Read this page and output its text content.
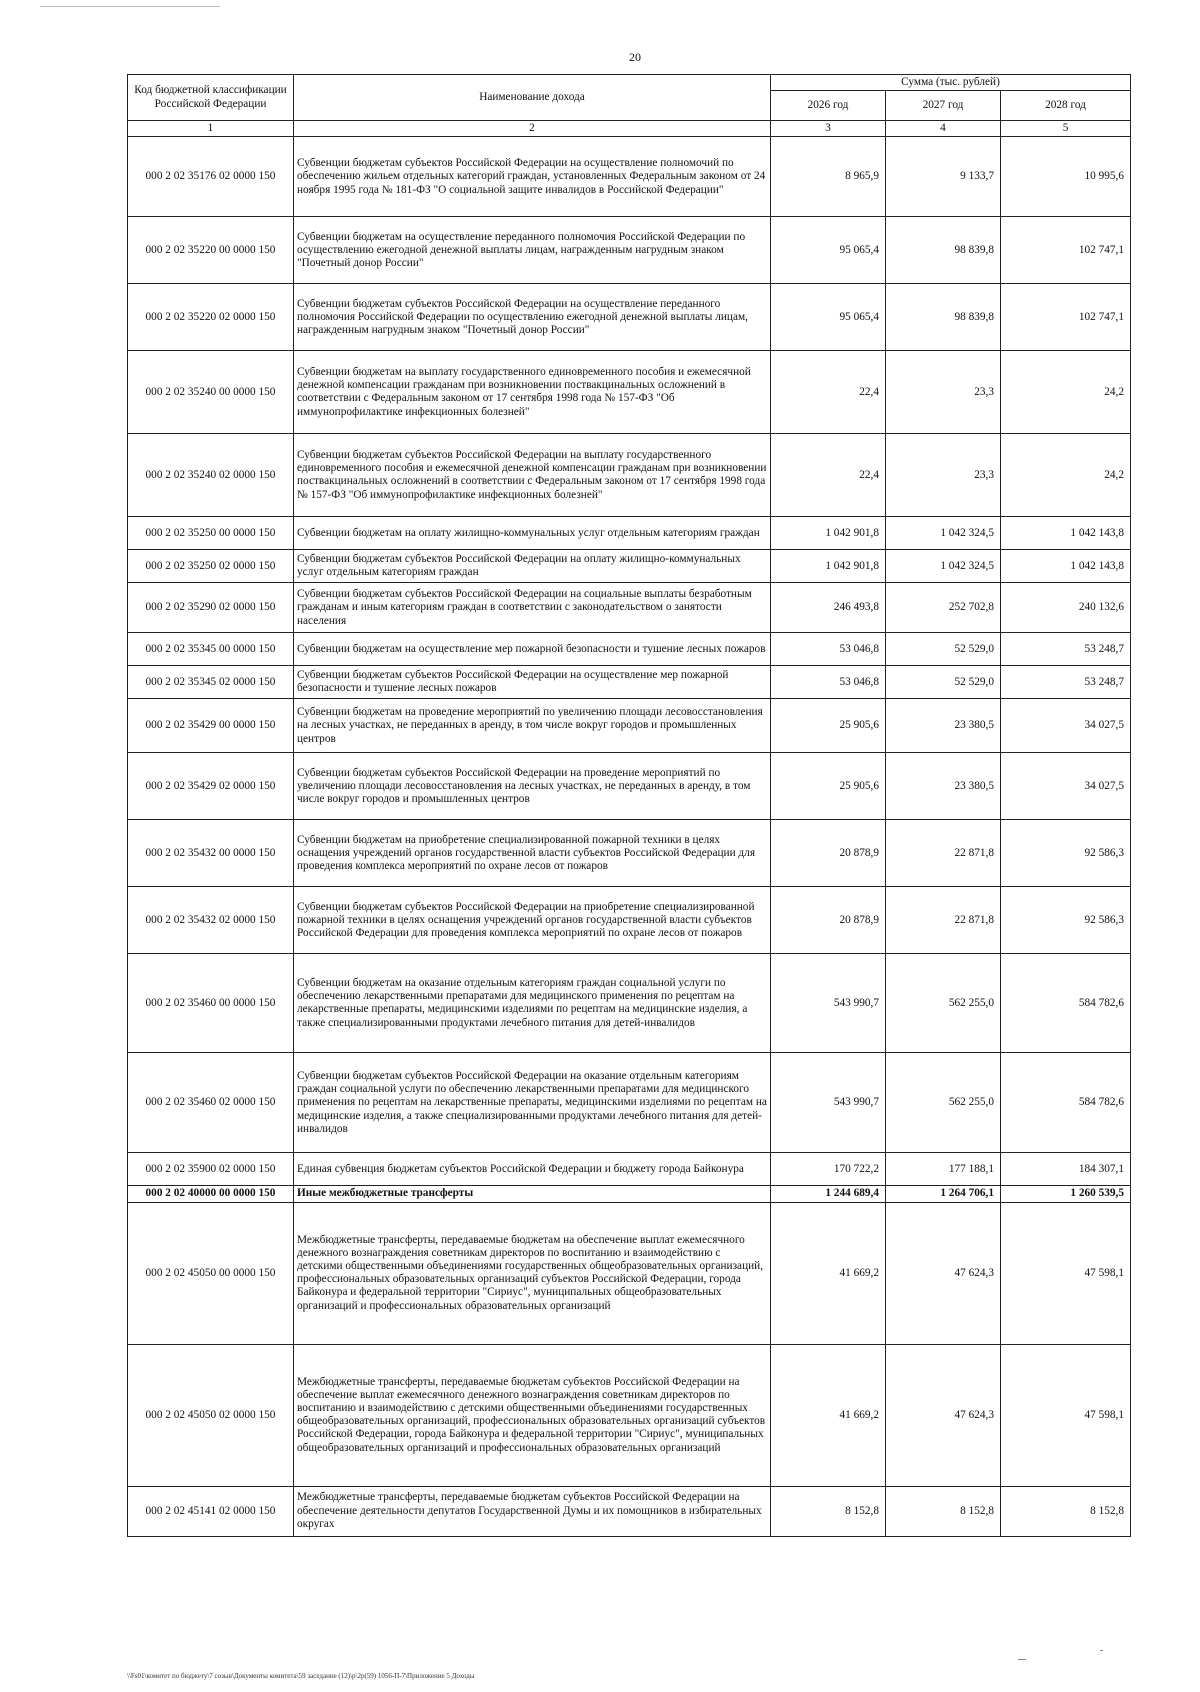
20
Код бюджетной классификации Российской Федерации	Наименование дохода	Сумма (тыс. рублей)		
		2026 год	2027 год	2028 год
1	2	3	4	5
000 2 02 35176 02 0000 150	Субвенции бюджетам субъектов Российской Федерации на осуществление полномочий по обеспечению жильем отдельных категорий граждан, установленных Федеральным законом от 24 ноября 1995 года № 181-ФЗ "О социальной защите инвалидов в Российской Федерации"	8 965,9	9 133,7	10 995,6
000 2 02 35220 00 0000 150	Субвенции бюджетам на осуществление переданного полномочия Российской Федерации по осуществлению ежегодной денежной выплаты лицам, награжденным нагрудным знаком "Почетный донор России"	95 065,4	98 839,8	102 747,1
000 2 02 35220 02 0000 150	Субвенции бюджетам субъектов Российской Федерации на осуществление переданного полномочия Российской Федерации по осуществлению ежегодной денежной выплаты лицам, награжденным нагрудным знаком "Почетный донор России"	95 065,4	98 839,8	102 747,1
000 2 02 35240 00 0000 150	Субвенции бюджетам на выплату государственного единовременного пособия и ежемесячной денежной компенсации гражданам при возникновении поствакцинальных осложнений в соответствии с Федеральным законом от 17 сентября 1998 года № 157-ФЗ "Об иммунопрофилактике инфекционных болезней"	22,4	23,3	24,2
000 2 02 35240 02 0000 150	Субвенции бюджетам субъектов Российской Федерации на выплату государственного единовременного пособия и ежемесячной денежной компенсации гражданам при возникновении поствакцинальных осложнений в соответствии с Федеральным законом от 17 сентября 1998 года № 157-ФЗ "Об иммунопрофилактике инфекционных болезней"	22,4	23,3	24,2
000 2 02 35250 00 0000 150	Субвенции бюджетам на оплату жилищно-коммунальных услуг отдельным категориям граждан	1 042 901,8	1 042 324,5	1 042 143,8
000 2 02 35250 02 0000 150	Субвенции бюджетам субъектов Российской Федерации на оплату жилищно-коммунальных услуг отдельным категориям граждан	1 042 901,8	1 042 324,5	1 042 143,8
000 2 02 35290 02 0000 150	Субвенции бюджетам субъектов Российской Федерации на социальные выплаты безработным гражданам и иным категориям граждан в соответствии с законодательством о занятости населения	246 493,8	252 702,8	240 132,6
000 2 02 35345 00 0000 150	Субвенции бюджетам на осуществление мер пожарной безопасности и тушение лесных пожаров	53 046,8	52 529,0	53 248,7
000 2 02 35345 02 0000 150	Субвенции бюджетам субъектов Российской Федерации на осуществление мер пожарной безопасности и тушение лесных пожаров	53 046,8	52 529,0	53 248,7
000 2 02 35429 00 0000 150	Субвенции бюджетам на проведение мероприятий по увеличению площади лесовосстановления на лесных участках, не переданных в аренду, в том числе вокруг городов и промышленных центров	25 905,6	23 380,5	34 027,5
000 2 02 35429 02 0000 150	Субвенции бюджетам субъектов Российской Федерации на проведение мероприятий по увеличению площади лесовосстановления на лесных участках, не переданных в аренду, в том числе вокруг городов и промышленных центров	25 905,6	23 380,5	34 027,5
000 2 02 35432 00 0000 150	Субвенции бюджетам на приобретение специализированной пожарной техники в целях оснащения учреждений органов государственной власти субъектов Российской Федерации для проведения комплекса мероприятий по охране лесов от пожаров	20 878,9	22 871,8	92 586,3
000 2 02 35432 02 0000 150	Субвенции бюджетам субъектов Российской Федерации на приобретение специализированной пожарной техники в целях оснащения учреждений органов государственной власти субъектов Российской Федерации для проведения комплекса мероприятий по охране лесов от пожаров	20 878,9	22 871,8	92 586,3
000 2 02 35460 00 0000 150	Субвенции бюджетам на оказание отдельным категориям граждан социальной услуги по обеспечению лекарственными препаратами для медицинского применения по рецептам на лекарственные препараты, медицинскими изделиями по рецептам на медицинские изделия, а также специализированными продуктами лечебного питания для детей-инвалидов	543 990,7	562 255,0	584 782,6
000 2 02 35460 02 0000 150	Субвенции бюджетам субъектов Российской Федерации на оказание отдельным категориям граждан социальной услуги по обеспечению лекарственными препаратами для медицинского применения по рецептам на лекарственные препараты, медицинскими изделиями по рецептам на медицинские изделия, а также специализированными продуктами лечебного питания для детей-инвалидов	543 990,7	562 255,0	584 782,6
000 2 02 35900 02 0000 150	Единая субвенция бюджетам субъектов Российской Федерации и бюджету города Байконура	170 722,2	177 188,1	184 307,1
000 2 02 40000 00 0000 150	Иные межбюджетные трансферты	1 244 689,4	1 264 706,1	1 260 539,5
000 2 02 45050 00 0000 150	Межбюджетные трансферты, передаваемые бюджетам на обеспечение выплат ежемесячного денежного вознаграждения советникам директоров по воспитанию и взаимодействию с детскими общественными объединениями государственных общеобразовательных организаций, профессиональных образовательных организаций субъектов Российской Федерации, города Байконура и федеральной территории "Сириус", муниципальных общеобразовательных организаций и профессиональных образовательных организаций	41 669,2	47 624,3	47 598,1
000 2 02 45050 02 0000 150	Межбюджетные трансферты, передаваемые бюджетам субъектов Российской Федерации на обеспечение выплат ежемесячного денежного вознаграждения советникам директоров по воспитанию и взаимодействию с детскими общественными объединениями государственных общеобразовательных организаций, профессиональных образовательных организаций субъектов Российской Федерации, города Байконура и федеральной территории "Сириус", муниципальных общеобразовательных организаций и профессиональных образовательных организаций	41 669,2	47 624,3	47 598,1
000 2 02 45141 02 0000 150	Межбюджетные трансферты, передаваемые бюджетам субъектов Российской Федерации на обеспечение деятельности депутатов Государственной Думы и их помощников в избирательных округах	8 152,8	8 152,8	8 152,8
\\Fs01\комитет по бюджету\7 созыв\Документы комитета\59 заседание (12)\р\2р(59) 1056-П-7\Приложение 5 Доходы
